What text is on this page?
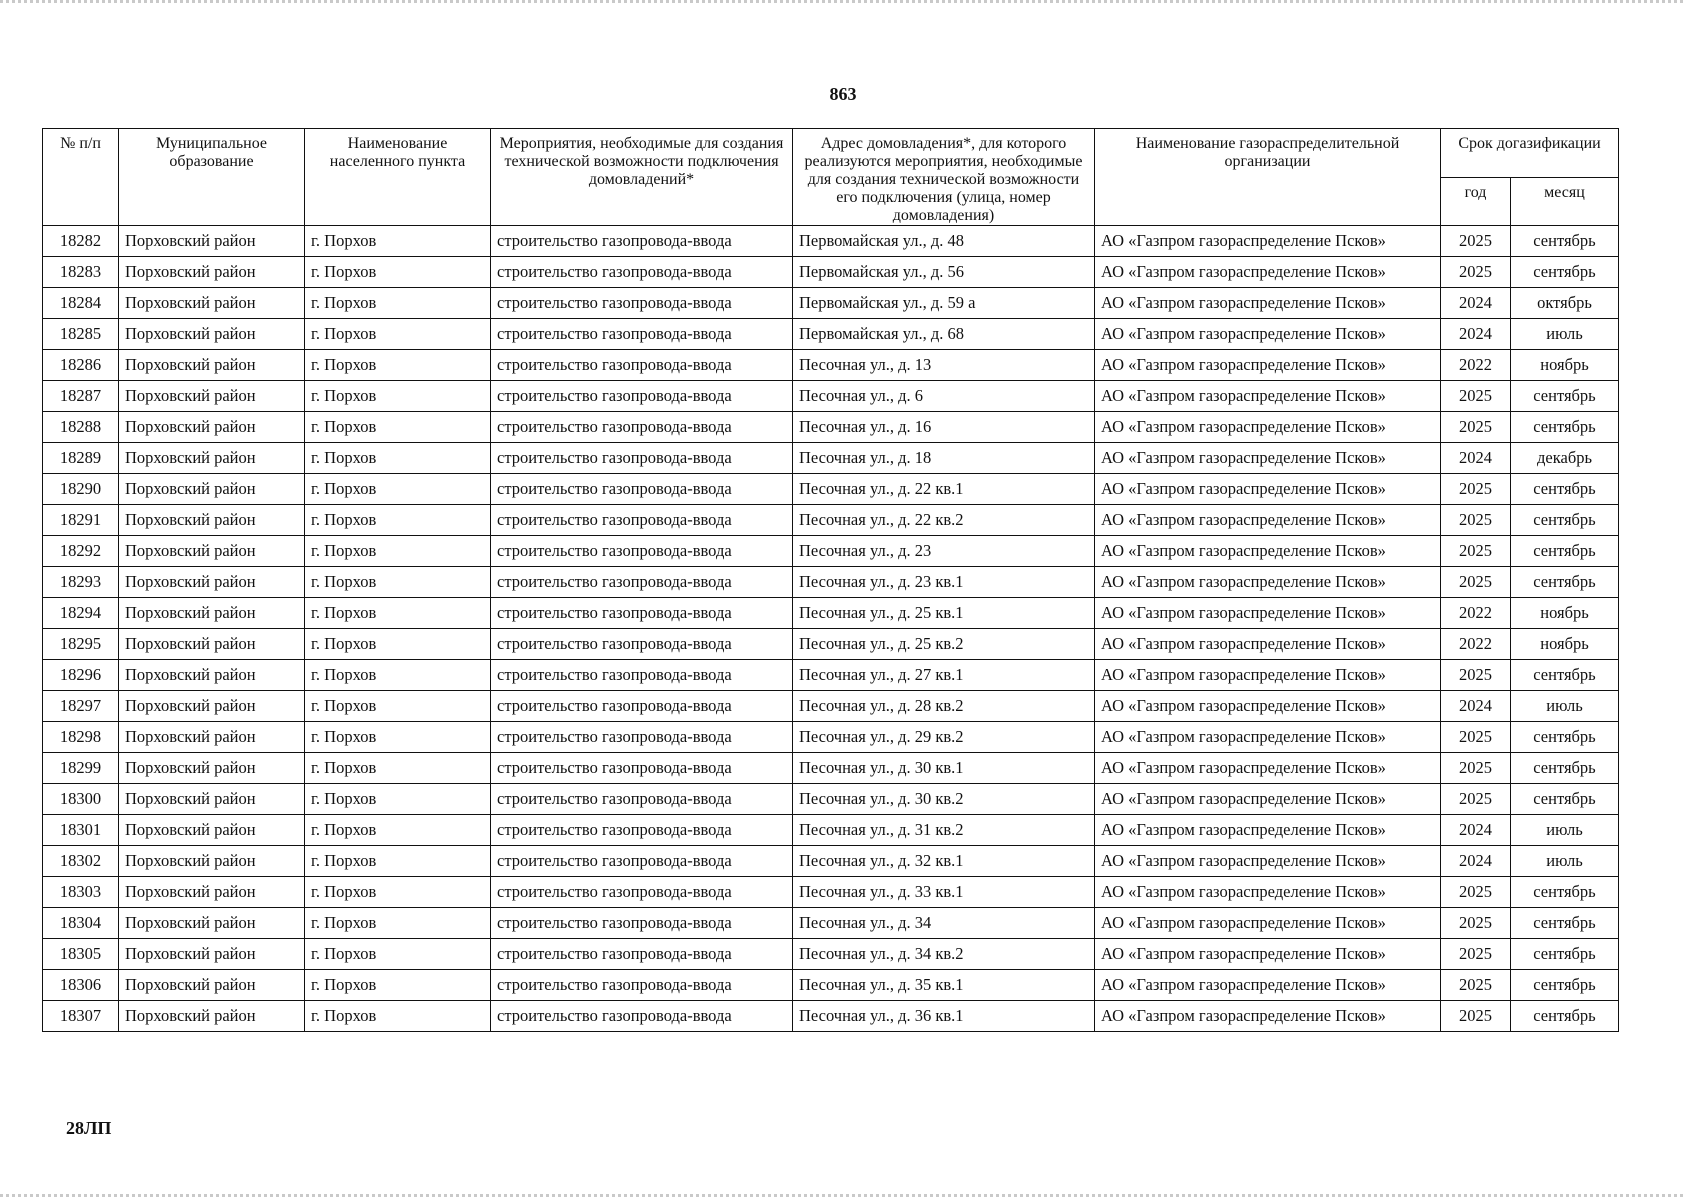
863
№ п/п	Муниципальное образование	Наименование населенного пункта	Мероприятия, необходимые для создания технической возможности подключения домовладений*	Адрес домовладения*, для которого реализуются мероприятия, необходимые для создания технической возможности его подключения (улица, номер домовладения)	Наименование газораспределительной организации	Срок догазификации	
						год	месяц
18282	Порховский район	г. Порхов	строительство газопровода-ввода	Первомайская ул., д. 48	АО «Газпром газораспределение Псков»	2025	сентябрь
18283	Порховский район	г. Порхов	строительство газопровода-ввода	Первомайская ул., д. 56	АО «Газпром газораспределение Псков»	2025	сентябрь
18284	Порховский район	г. Порхов	строительство газопровода-ввода	Первомайская ул., д. 59 а	АО «Газпром газораспределение Псков»	2024	октябрь
18285	Порховский район	г. Порхов	строительство газопровода-ввода	Первомайская ул., д. 68	АО «Газпром газораспределение Псков»	2024	июль
18286	Порховский район	г. Порхов	строительство газопровода-ввода	Песочная ул., д. 13	АО «Газпром газораспределение Псков»	2022	ноябрь
18287	Порховский район	г. Порхов	строительство газопровода-ввода	Песочная ул., д. 6	АО «Газпром газораспределение Псков»	2025	сентябрь
18288	Порховский район	г. Порхов	строительство газопровода-ввода	Песочная ул., д. 16	АО «Газпром газораспределение Псков»	2025	сентябрь
18289	Порховский район	г. Порхов	строительство газопровода-ввода	Песочная ул., д. 18	АО «Газпром газораспределение Псков»	2024	декабрь
18290	Порховский район	г. Порхов	строительство газопровода-ввода	Песочная ул., д. 22 кв.1	АО «Газпром газораспределение Псков»	2025	сентябрь
18291	Порховский район	г. Порхов	строительство газопровода-ввода	Песочная ул., д. 22 кв.2	АО «Газпром газораспределение Псков»	2025	сентябрь
18292	Порховский район	г. Порхов	строительство газопровода-ввода	Песочная ул., д. 23	АО «Газпром газораспределение Псков»	2025	сентябрь
18293	Порховский район	г. Порхов	строительство газопровода-ввода	Песочная ул., д. 23 кв.1	АО «Газпром газораспределение Псков»	2025	сентябрь
18294	Порховский район	г. Порхов	строительство газопровода-ввода	Песочная ул., д. 25 кв.1	АО «Газпром газораспределение Псков»	2022	ноябрь
18295	Порховский район	г. Порхов	строительство газопровода-ввода	Песочная ул., д. 25 кв.2	АО «Газпром газораспределение Псков»	2022	ноябрь
18296	Порховский район	г. Порхов	строительство газопровода-ввода	Песочная ул., д. 27 кв.1	АО «Газпром газораспределение Псков»	2025	сентябрь
18297	Порховский район	г. Порхов	строительство газопровода-ввода	Песочная ул., д. 28 кв.2	АО «Газпром газораспределение Псков»	2024	июль
18298	Порховский район	г. Порхов	строительство газопровода-ввода	Песочная ул., д. 29 кв.2	АО «Газпром газораспределение Псков»	2025	сентябрь
18299	Порховский район	г. Порхов	строительство газопровода-ввода	Песочная ул., д. 30 кв.1	АО «Газпром газораспределение Псков»	2025	сентябрь
18300	Порховский район	г. Порхов	строительство газопровода-ввода	Песочная ул., д. 30 кв.2	АО «Газпром газораспределение Псков»	2025	сентябрь
18301	Порховский район	г. Порхов	строительство газопровода-ввода	Песочная ул., д. 31 кв.2	АО «Газпром газораспределение Псков»	2024	июль
18302	Порховский район	г. Порхов	строительство газопровода-ввода	Песочная ул., д. 32 кв.1	АО «Газпром газораспределение Псков»	2024	июль
18303	Порховский район	г. Порхов	строительство газопровода-ввода	Песочная ул., д. 33 кв.1	АО «Газпром газораспределение Псков»	2025	сентябрь
18304	Порховский район	г. Порхов	строительство газопровода-ввода	Песочная ул., д. 34	АО «Газпром газораспределение Псков»	2025	сентябрь
18305	Порховский район	г. Порхов	строительство газопровода-ввода	Песочная ул., д. 34 кв.2	АО «Газпром газораспределение Псков»	2025	сентябрь
18306	Порховский район	г. Порхов	строительство газопровода-ввода	Песочная ул., д. 35 кв.1	АО «Газпром газораспределение Псков»	2025	сентябрь
18307	Порховский район	г. Порхов	строительство газопровода-ввода	Песочная ул., д. 36 кв.1	АО «Газпром газораспределение Псков»	2025	сентябрь
28ЛП
